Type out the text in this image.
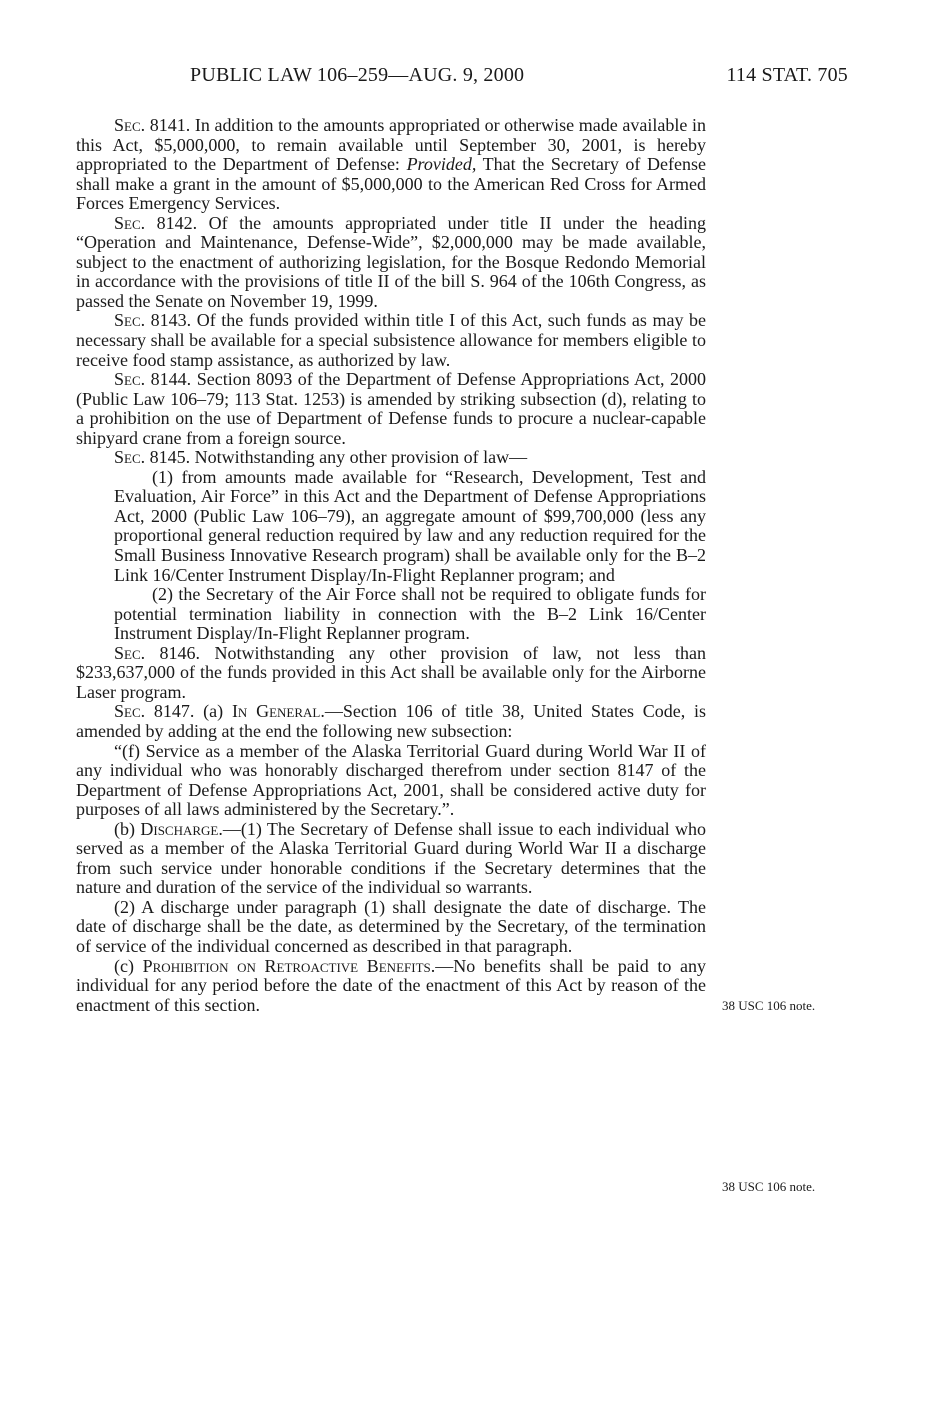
PUBLIC LAW 106–259—AUG. 9, 2000	114 STAT. 705

Sec. 8141. In addition to the amounts appropriated or otherwise made available in this Act, $5,000,000, to remain available until September 30, 2001, is hereby appropriated to the Department of Defense: Provided, That the Secretary of Defense shall make a grant in the amount of $5,000,000 to the American Red Cross for Armed Forces Emergency Services.

Sec. 8142. Of the amounts appropriated under title II under the heading “Operation and Maintenance, Defense-Wide”, $2,000,000 may be made available, subject to the enactment of authorizing legislation, for the Bosque Redondo Memorial in accordance with the provisions of title II of the bill S. 964 of the 106th Congress, as passed the Senate on November 19, 1999.

Sec. 8143. Of the funds provided within title I of this Act, such funds as may be necessary shall be available for a special subsistence allowance for members eligible to receive food stamp assistance, as authorized by law.

Sec. 8144. Section 8093 of the Department of Defense Appropriations Act, 2000 (Public Law 106–79; 113 Stat. 1253) is amended by striking subsection (d), relating to a prohibition on the use of Department of Defense funds to procure a nuclear-capable shipyard crane from a foreign source.

Sec. 8145. Notwithstanding any other provision of law—

(1) from amounts made available for “Research, Development, Test and Evaluation, Air Force” in this Act and the Department of Defense Appropriations Act, 2000 (Public Law 106–79), an aggregate amount of $99,700,000 (less any proportional general reduction required by law and any reduction required for the Small Business Innovative Research program) shall be available only for the B–2 Link 16/Center Instrument Display/In-Flight Replanner program; and

(2) the Secretary of the Air Force shall not be required to obligate funds for potential termination liability in connection with the B–2 Link 16/Center Instrument Display/In-Flight Replanner program.

Sec. 8146. Notwithstanding any other provision of law, not less than $233,637,000 of the funds provided in this Act shall be available only for the Airborne Laser program.

Sec. 8147. (a) In General.—Section 106 of title 38, United States Code, is amended by adding at the end the following new subsection:

“(f) Service as a member of the Alaska Territorial Guard during World War II of any individual who was honorably discharged therefrom under section 8147 of the Department of Defense Appropriations Act, 2001, shall be considered active duty for purposes of all laws administered by the Secretary.”.

(b) Discharge.—(1) The Secretary of Defense shall issue to each individual who served as a member of the Alaska Territorial Guard during World War II a discharge from such service under honorable conditions if the Secretary determines that the nature and duration of the service of the individual so warrants.

(2) A discharge under paragraph (1) shall designate the date of discharge. The date of discharge shall be the date, as determined by the Secretary, of the termination of service of the individual concerned as described in that paragraph.

(c) Prohibition on Retroactive Benefits.—No benefits shall be paid to any individual for any period before the date of the enactment of this Act by reason of the enactment of this section.	38 USC 106 note.
38 USC 106 note.
